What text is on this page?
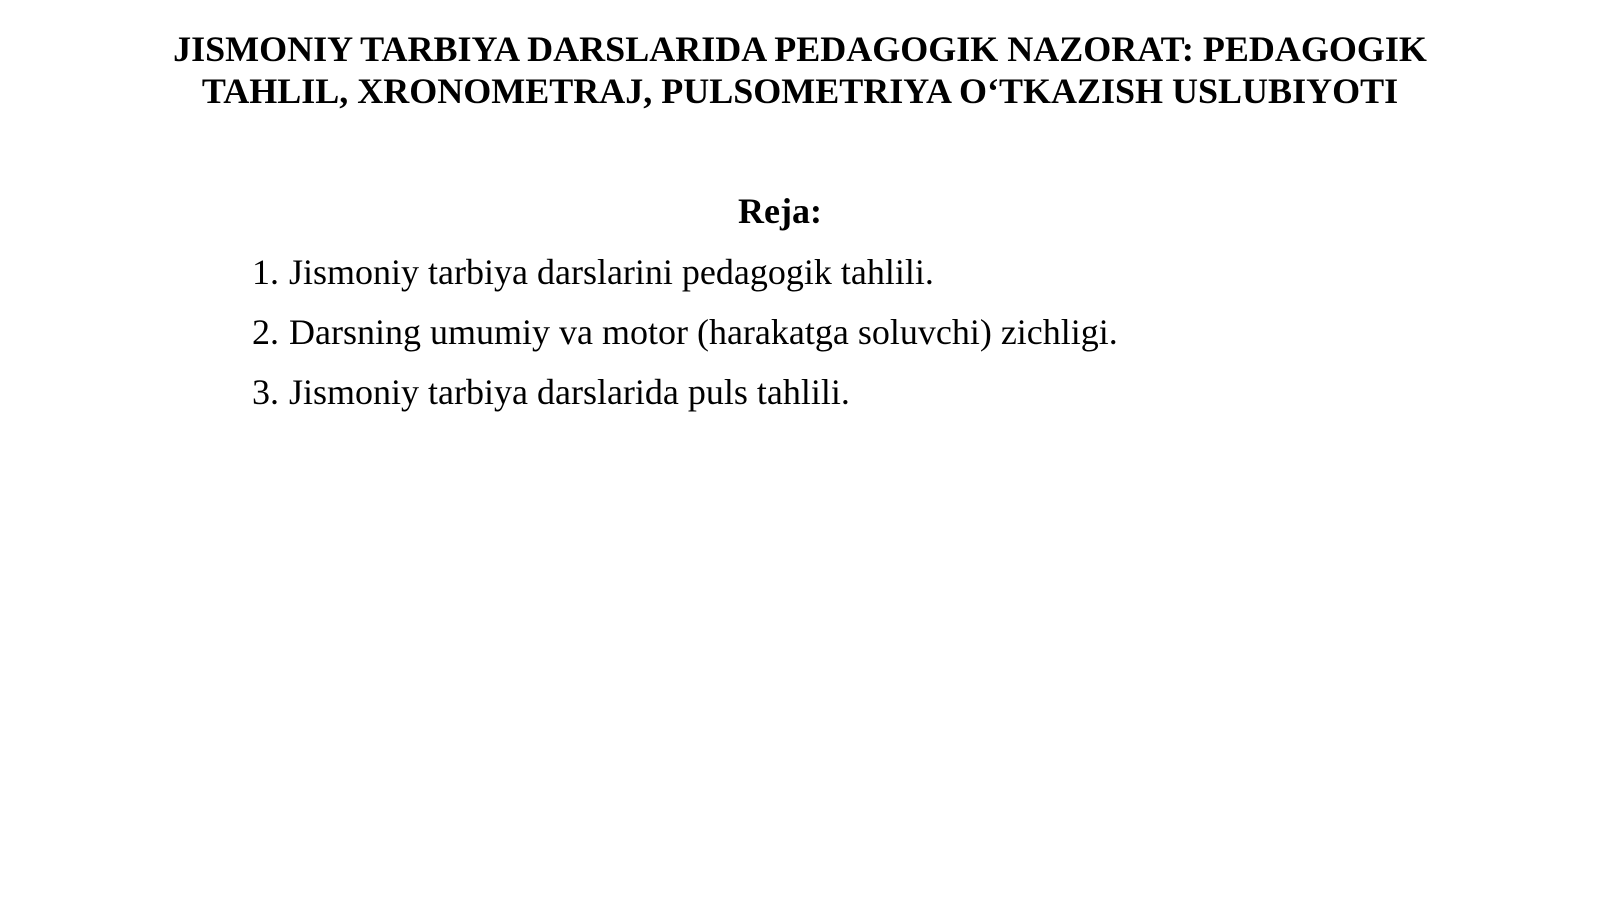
JISMONIY TARBIYA DARSLARIDA PEDAGOGIK NAZORAT: PEDAGOGIK
TAHLIL, XRONOMETRAJ, PULSOMETRIYA O‘TKAZISH USLUBIYOTI
Reja:
1. Jismoniy tarbiya darslarini pedagogik tahlili.
2. Darsning umumiy va motor (harakatga soluvchi) zichligi.
3. Jismoniy tarbiya darslarida puls tahlili.
